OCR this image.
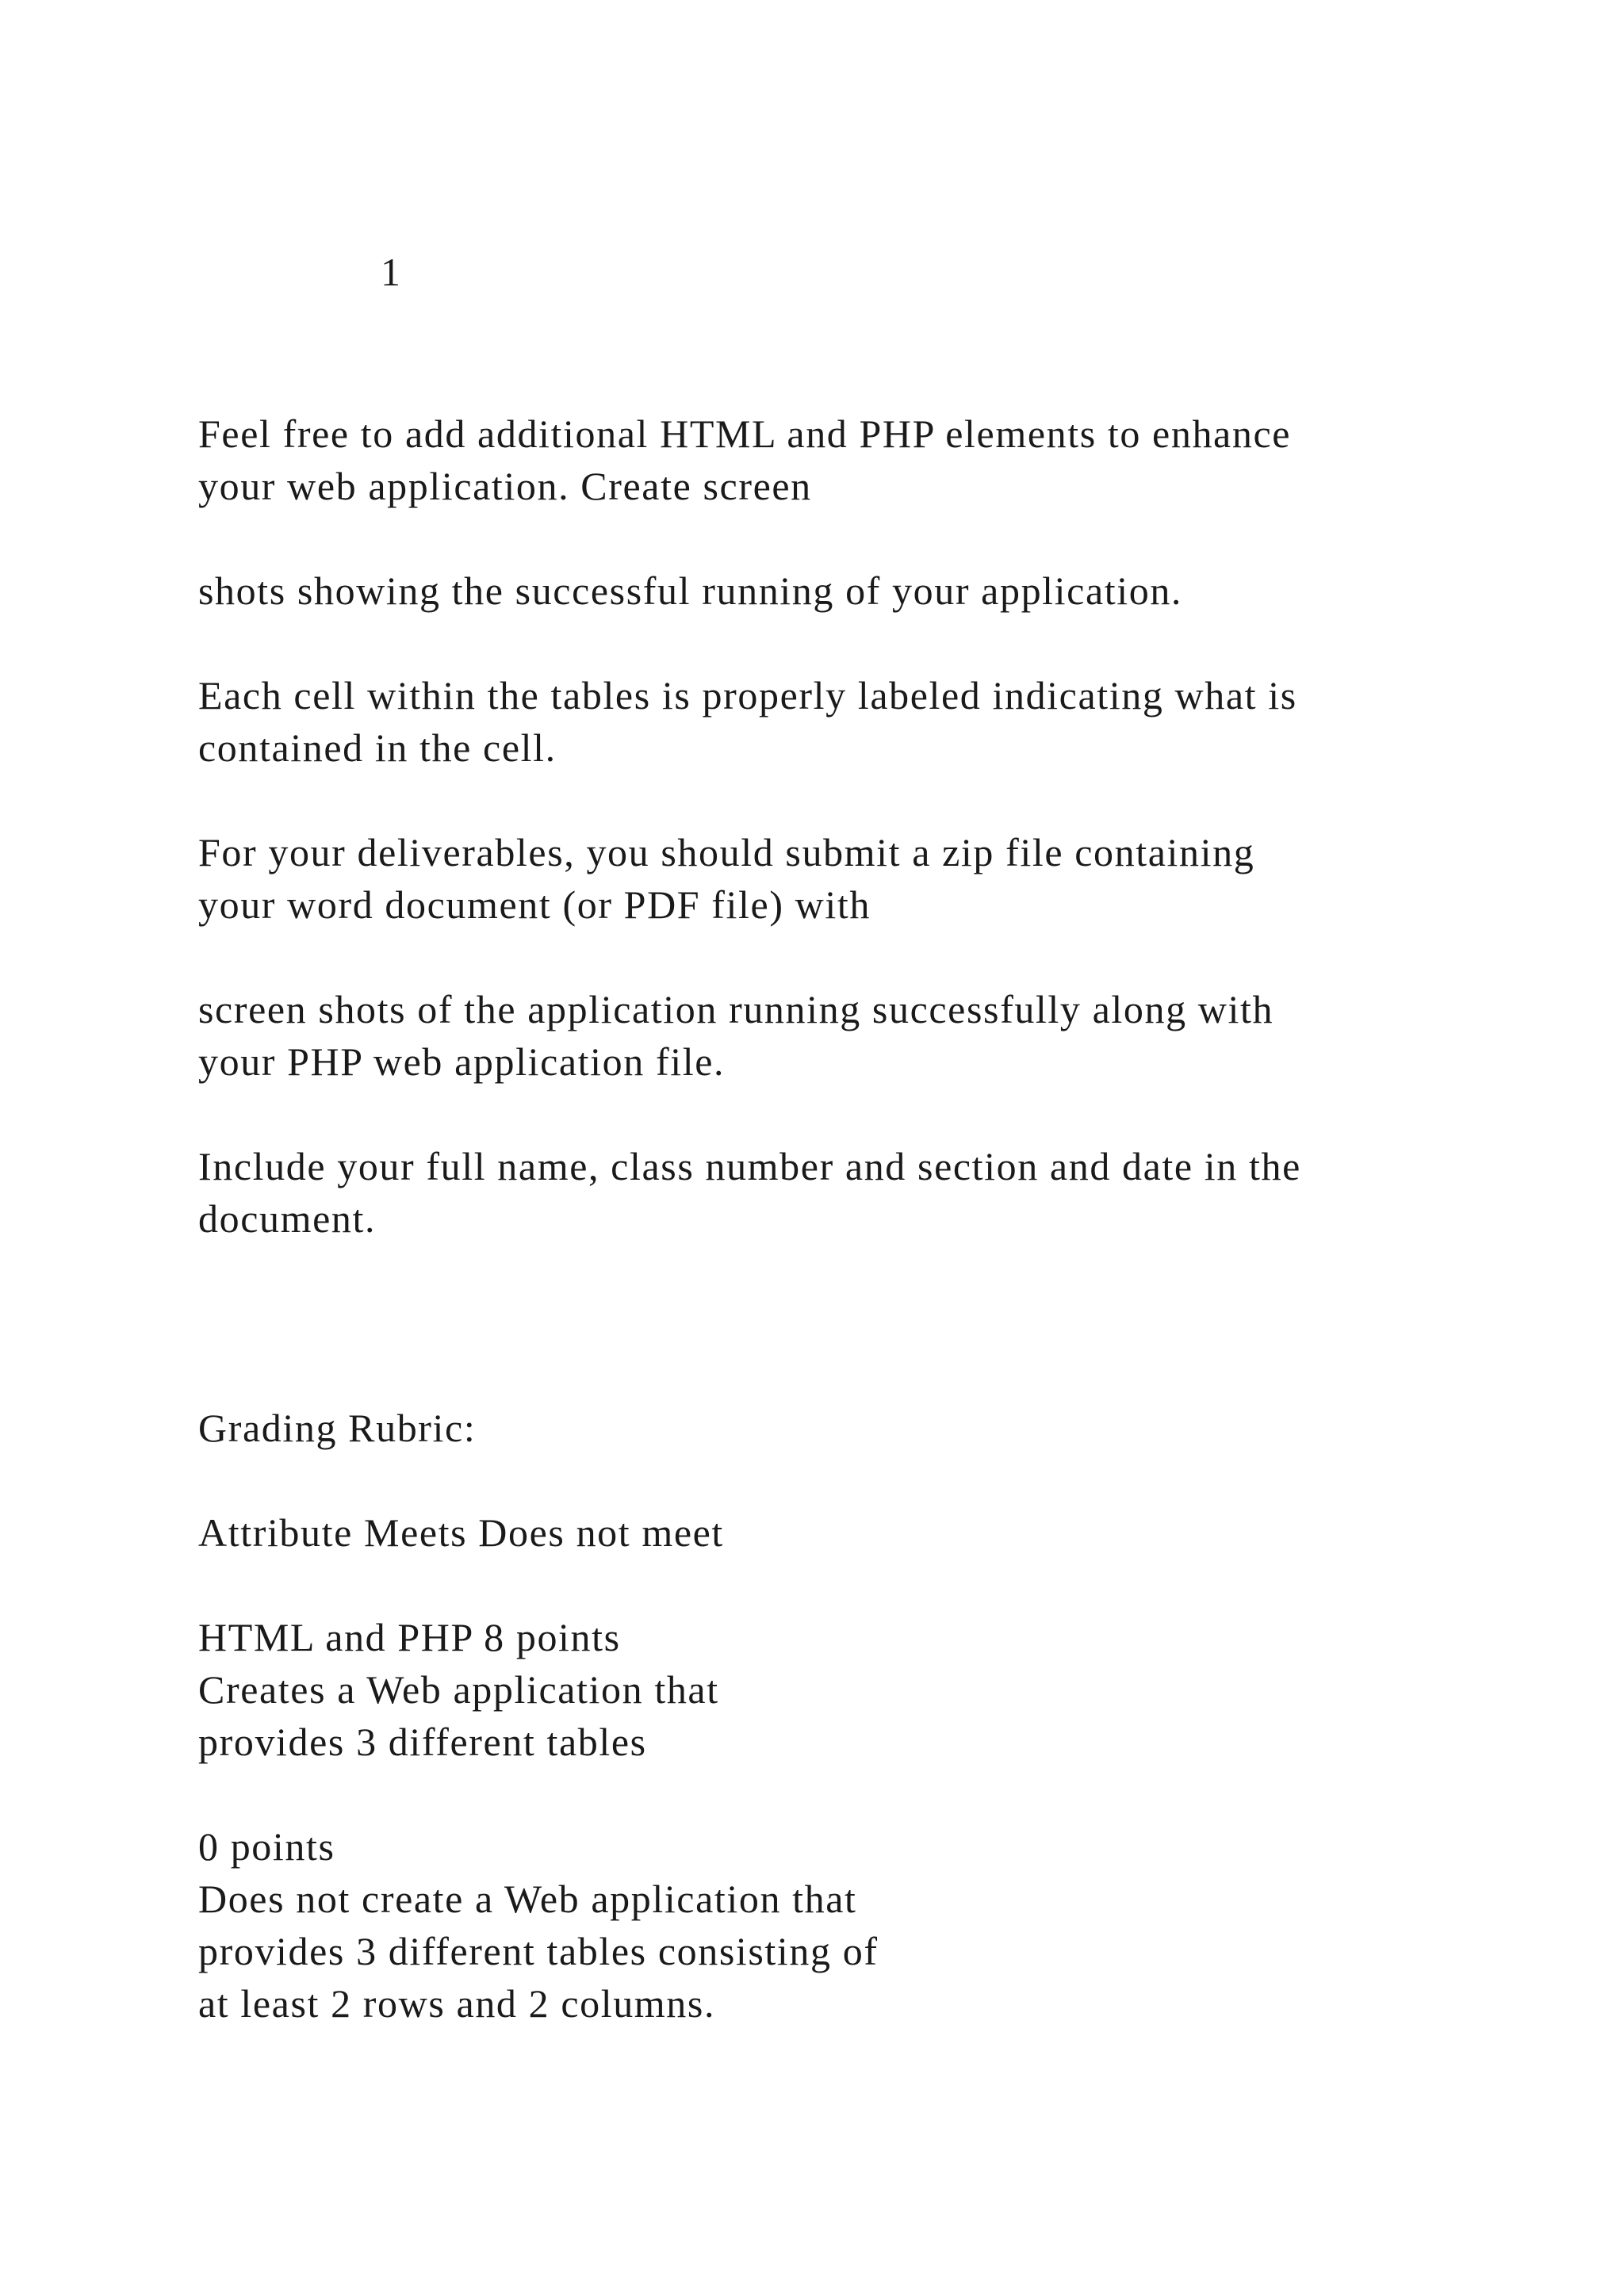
1
Feel free to add additional HTML and PHP elements to enhance
your web application. Create screen
shots showing the successful running of your application.
Each cell within the tables is properly labeled indicating what is
contained in the cell.
For your deliverables, you should submit a zip file containing
your word document (or PDF file) with
screen shots of the application running successfully along with
your PHP web application file.
Include your full name, class number and section and date in the
document.
Grading Rubric:
Attribute Meets Does not meet
HTML and PHP 8 points
Creates a Web application that
provides 3 different tables
0 points
Does not create a Web application that
provides 3 different tables consisting of
at least 2 rows and 2 columns.
